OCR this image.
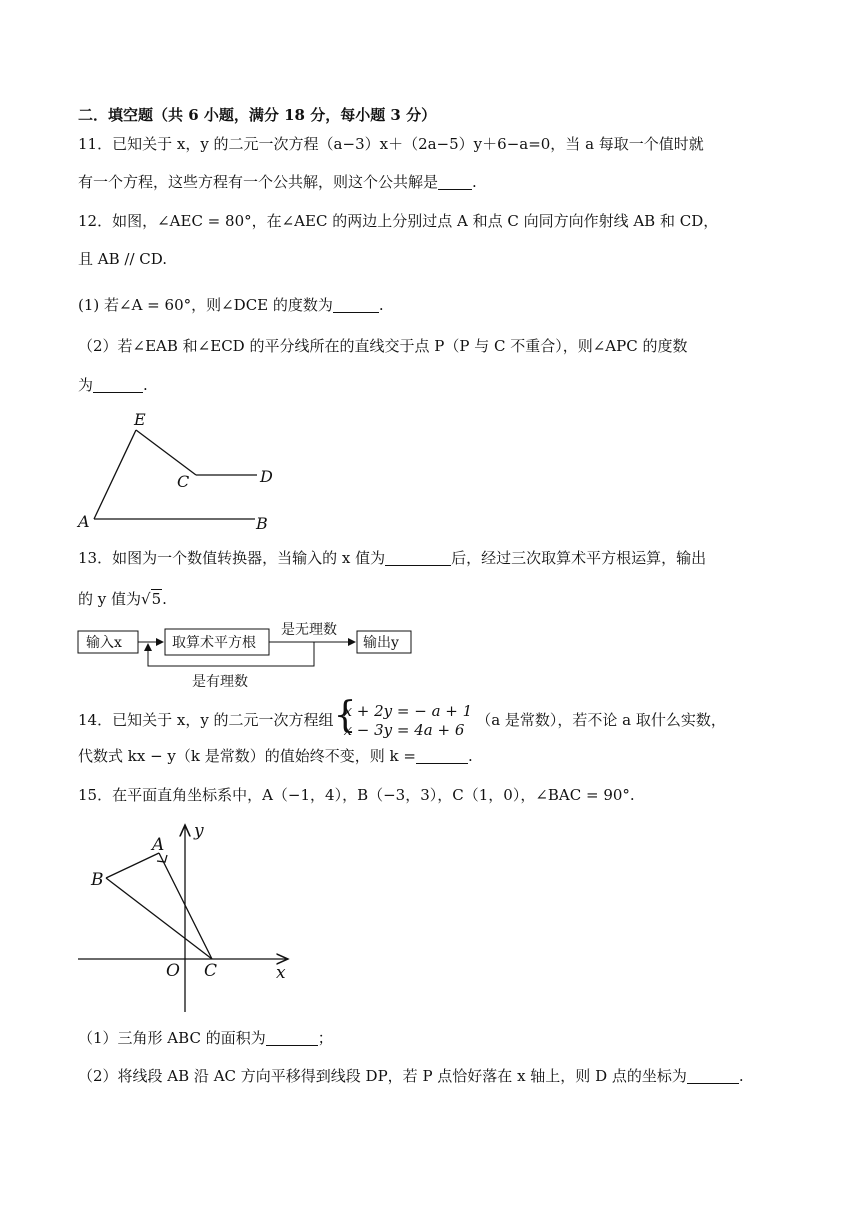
二．填空题（共 6 小题，满分 18 分，每小题 3 分）
11．已知关于 x，y 的二元一次方程（a−3）x＋（2a−5）y＋6−a=0，当 a 每取一个值时就
有一个方程，这些方程有一个公共解，则这个公共解是 .
12．如图，∠AEC = 80°，在∠AEC 的两边上分别过点 A 和点 C 向同方向作射线 AB 和 CD，
且 AB // CD.
(1) 若∠A = 60°，则∠DCE 的度数为	.
（2）若∠EAB 和∠ECD 的平分线所在的直线交于点 P（P 与 C 不重合），则∠APC 的度数
为	.
E
C	D
A	B
13．如图为一个数值转换器，当输入的 x 值为	后，经过三次取算术平方根运算，输出
的 y 值为√5.
输入x	取算术平方根	输出y
是无理数
是有理数
14．已知关于 x，y 的二元一次方程组 {
x + 2y = − a + 1
x − 3y = 4a + 6
（a 是常数），若不论 a 取什么实数，
代数式 kx − y（k 是常数）的值始终不变，则 k =	.
15．在平面直角坐标系中，A（−1，4），B（−3，3），C（1，0），∠BAC = 90°.
A
B
C
O	x
y
（1）三角形 ABC 的面积为	；
（2）将线段 AB 沿 AC 方向平移得到线段 DP，若 P 点恰好落在 x 轴上，则 D 点的坐标为	.
